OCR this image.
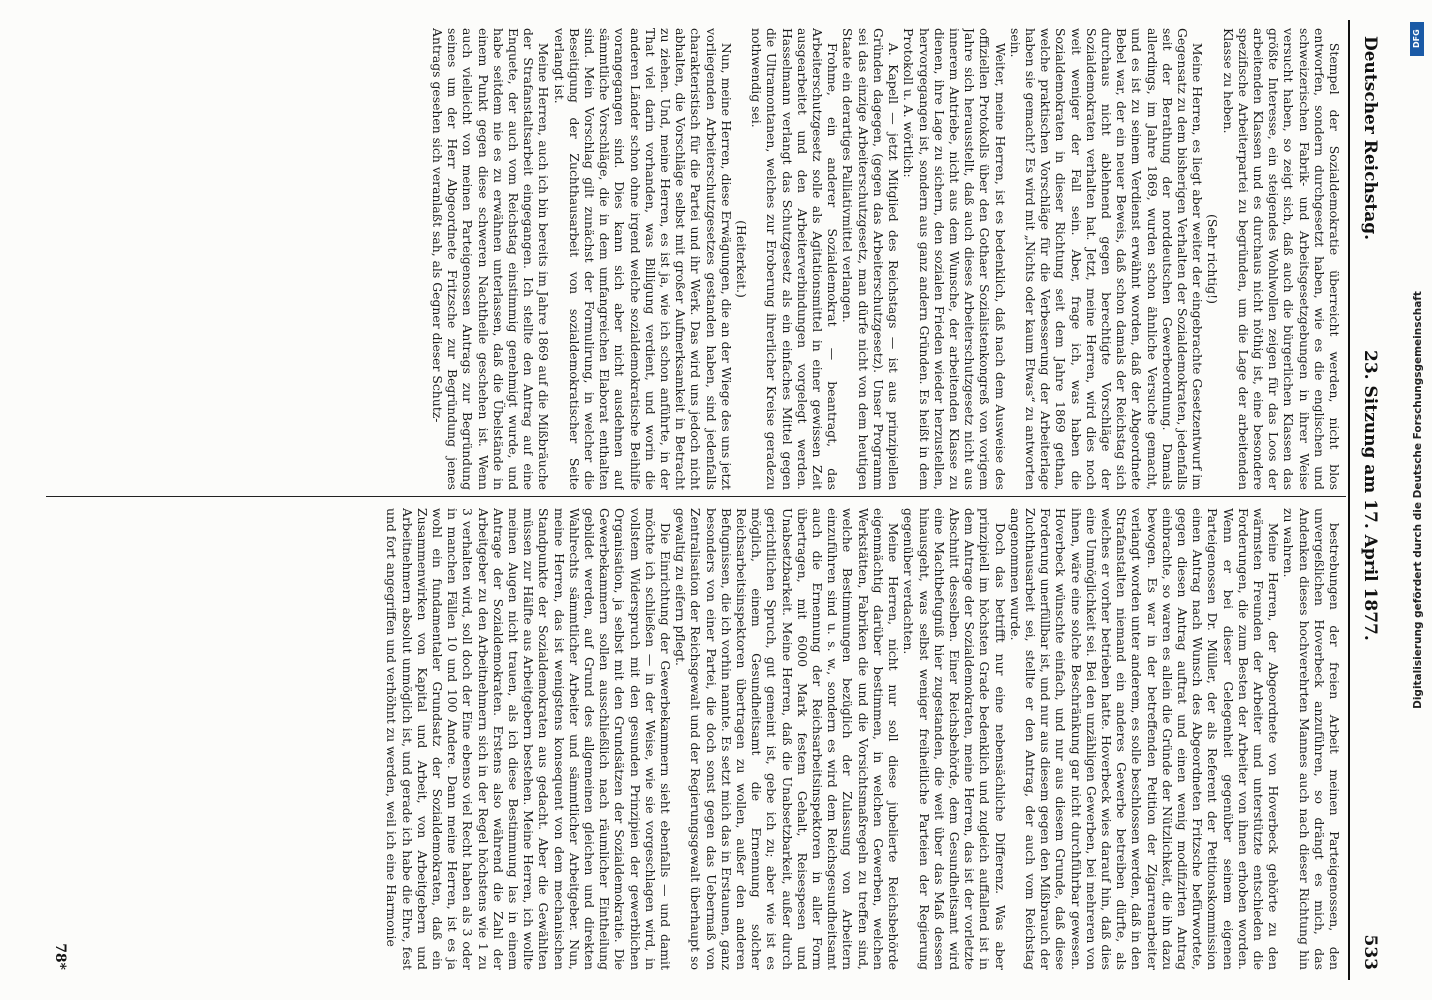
Deutscher Reichstag.
23. Sitzung am 17. April 1877.
533

Stempel der Sozialdemokratie überreicht werden, nicht blos entworfen, sondern durchgesetzt haben, wie es die englischen und schweizerischen Fabrik- und Arbeitsgesetzgebungen in ihrer Weise versucht haben, so zeigt sich, daß auch die bürgerlichen Klassen das größte Interesse, ein steigendes Wohlwollen zeigen für das Loos der arbeitenden Klassen und es durchaus nicht nöthig ist, eine besondere spezifische Arbeiterpartei zu begründen, um die Lage der arbeitenden Klasse zu heben.

(Sehr richtig!)

Meine Herren, es liegt aber weiter der eingebrachte Gesetzentwurf im Gegensatz zu dem bisherigen Verhalten der Sozialdemokraten, jedenfalls seit der Berathung der norddeutschen Gewerbeordnung. Damals allerdings, im Jahre 1869, wurden schon ähnliche Versuche gemacht, und es ist zu seinem Verdienst erwähnt worden, daß der Abgeordnete Bebel war, der ein neuer Beweis, daß schon damals der Reichstag sich durchaus nicht ablehnend gegen berechtigte Vorschläge der Sozialdemokraten verhalten hat. Jetzt, meine Herren, wird dies noch weit weniger der Fall sein. Aber, frage ich, was haben die Sozialdemokraten in dieser Richtung seit dem Jahre 1869 gethan, welche praktischen Vorschläge für die Verbesserung der Arbeiterlage haben sie gemacht? Es wird mit „Nichts oder kaum Etwas“ zu antworten sein.

Weiter, meine Herren, ist es bedenklich, daß nach dem Ausweise des offiziellen Protokolls über den Gothaer Sozialistenkongreß von vorigem Jahre sich herausstellt, daß auch dieses Arbeiterschutzgesetz nicht aus innerem Antriebe, nicht aus dem Wunsche, der arbeitenden Klasse zu dienen, ihre Lage zu sichern, den sozialen Frieden wieder herzustellen, hervorgegangen ist, sondern aus ganz andern Gründen. Es heißt in dem Protokoll u. A. wörtlich:

A. Kapell — jetzt Mitglied des Reichstags — ist aus prinzipiellen Gründen dagegen, (gegen das Arbeiterschutzgesetz). Unser Programm sei das einzige Arbeiterschutzgesetz, man dürfe nicht von dem heutigen Staate ein derartiges Palliativmittel verlangen.

Frohme, ein anderer Sozialdemokrat — beantragt, das Arbeiterschutzgesetz solle als Agitationsmittel in einer gewissen Zeit ausgearbeitet und den Arbeiterverbindungen vorgelegt werden. Hasselmann verlangt das Schutzgesetz als ein einfaches Mittel gegen die Ultramontanen, welches zur Eroberung ihrerlicher Kreise geradezu nothwendig sei.

(Heiterkeit.)

Nun, meine Herren, diese Erwägungen, die an der Wiege des uns jetzt vorliegenden Arbeiterschutzgesetzes gestanden haben, sind jedenfalls charakteristisch für die Partei und ihr Werk. Das wird uns jedoch nicht abhalten, die Vorschläge selbst mit großer Aufmerksamkeit in Betracht zu ziehen. Und, meine Herren, es ist ja, wie ich schon anführte, in der That viel darin vorhanden, was Billigung verdient, und worin die anderen Länder schon ohne irgend welche sozialdemokratische Beihilfe vorangegangen sind. Dies kann sich aber nicht ausdehnen auf sämmtliche Vorschläge, die in dem umfangreichen Elaborat enthalten sind. Mein Vorschlag gilt zunächst der Formulirung, in welcher die Beseitigung der Zuchthausarbeit von sozialdemokratischer Seite verlangt ist.

Meine Herren, auch ich bin bereits im Jahre 1869 auf die Mißbräuche der Strafanstaltsarbeit eingegangen. Ich stellte den Antrag auf eine Enquete, der auch vom Reichstag einstimmig genehmigt wurde, und habe seitdem nie es zu erwähnen unterlassen, daß die Übelstände in einem Punkt gegen diese schweren Nachtheile geschehen ist. Wenn auch vielleicht von meinen Parteigenossen Antrags zur Begründung seines um der Herr Abgeordnete Fritzsche zur Begründung jenes Antrags gesehen sich veranlaßt sah, als Gegner dieser Schutz-

bestrebungen der freien Arbeit meinen Parteigenossen, den unvergeßlichen Hoverbeck anzuführen, so drängt es mich, das Andenken dieses hochverehrten Mannes auch nach dieser Richtung hin zu wahren.

Meine Herren, der Abgeordnete von Hoverbeck gehörte zu den wärmsten Freunden der Arbeiter und unterstützte entschieden die Forderungen, die zum Besten der Arbeiter von ihnen erhoben worden. Wenn er bei dieser Gelegenheit gegenüber seinem eigenen Parteigenossen Dr. Müller, der als Referent der Petitionskommission einen Antrag nach Wunsch des Abgeordneten Fritzsche befürwortete, gegen diesen Antrag auftrat und einen wenig modifizirten Antrag einbrachte, so waren es allein die Gründe der Nützlichkeit, die ihn dazu bewogen. Es war in der betreffenden Petition der Zigarrenarbeiter verlangt worden unter anderem, es solle beschlossen werden, daß in den Strafanstalten niemand ein anderes Gewerbe betreiben dürfte, als welches er vorher betrieben hatte. Hoverbeck wies darauf hin, daß dies eine Unmöglichkeit sei. Bei den unzähligen Gewerben, bei mehreren von ihnen, wäre eine solche Beschränkung gar nicht durchführbar gewesen. Hoverbeck wünschte einfach, und nur aus diesem Grunde, daß diese Forderung unerfüllbar ist, und nur aus diesem gegen den Mißbrauch der Zuchthausarbeit sei, stellte er den Antrag, der auch vom Reichstag angenommen wurde.

Doch das betrifft nur eine nebensächliche Differenz. Was aber prinzipiell im höchsten Grade bedenklich und zugleich auffallend ist in dem Antrage der Sozialdemokraten, meine Herren, das ist der vorletzte Abschnitt desselben. Einer Reichsbehörde, dem Gesundheitsamt wird eine Machtbefugniß hier zugestanden, die weit über das Maß dessen hinausgeht, was selbst weniger freiheitliche Parteien der Regierung gegenüber verdachten.

Meine Herren, nicht nur soll diese jubelierte Reichsbehörde eigenmächtig darüber bestimmen, in welchen Gewerben, welchen Werkstätten, Fabriken die und die Vorsichtsmaßregeln zu treffen sind, welche Bestimmungen bezüglich der Zulassung von Arbeitern einzuführen sind u. s. w., sondern es wird dem Reichsgesundheitsamt auch die Ernennung der Reichsarbeitsinspektoren in aller Form übertragen, mit 6000 Mark festem Gehalt, Reisespesen und Unabsetzbarkeit. Meine Herren, daß die Unabsetzbarkeit, außer durch gerichtlichen Spruch, gut gemeint ist, gebe ich zu; aber wie ist es möglich, einem Gesundheitsamt die Ernennung solcher Reichsarbeitsinspektoren übertragen zu wollen, außer den anderen Befugnissen, die ich vorhin nannte. Es setzt mich das in Erstaunen, ganz besonders von einer Partei, die doch sonst gegen das Uebermaß von Zentralisation der Reichsgewalt und der Regierungsgewalt überhaupt so gewaltig zu eifern pflegt.

Die Einrichtung der Gewerbekammern sieht ebenfalls — und damit möchte ich schließen — in der Weise, wie sie vorgeschlagen wird, in vollstem Widerspruch mit den gesunden Prinzipien der gewerblichen Organisation, ja selbst mit den Grundsätzen der Sozialdemokratie. Die Gewerbekammern sollen ausschließlich nach räumlicher Eintheilung gebildet werden, auf Grund des allgemeinen gleichen und direkten Wahlrechts sämmtlicher Arbeiter und sämmtlicher Arbeitgeber. Nun, meine Herren, das ist wenigstens konsequent von dem mechanischen Standpunkte der Sozialdemokraten aus gedacht. Aber die Gewählten müssen zur Hälfte aus Arbeitgebern bestehen. Meine Herren, ich wollte meinen Augen nicht trauen, als ich diese Bestimmung las in einem Antrage der Sozialdemokraten. Erstens also während die Zahl der Arbeitgeber zu den Arbeitnehmern sich in der Regel höchstens wie 1 zu 3 verhalten wird, soll doch der Eine ebenso viel Recht haben als 3 oder in manchen Fällen 10 und 100 Andere. Dann meine Herren, ist es ja wohl ein fundamentaler Grundsatz der Sozialdemokraten, daß ein Zusammenwirken von Kapital und Arbeit, von Arbeitgebern und Arbeitnehmern absolut unmöglich ist, und gerade ich habe die Ehre, fest und fort angegriffen und verhöhnt zu werden, weil ich eine Harmonie

78*
Digitalisierung gefördert durch die Deutsche Forschungsgemeinschaft
DFG
